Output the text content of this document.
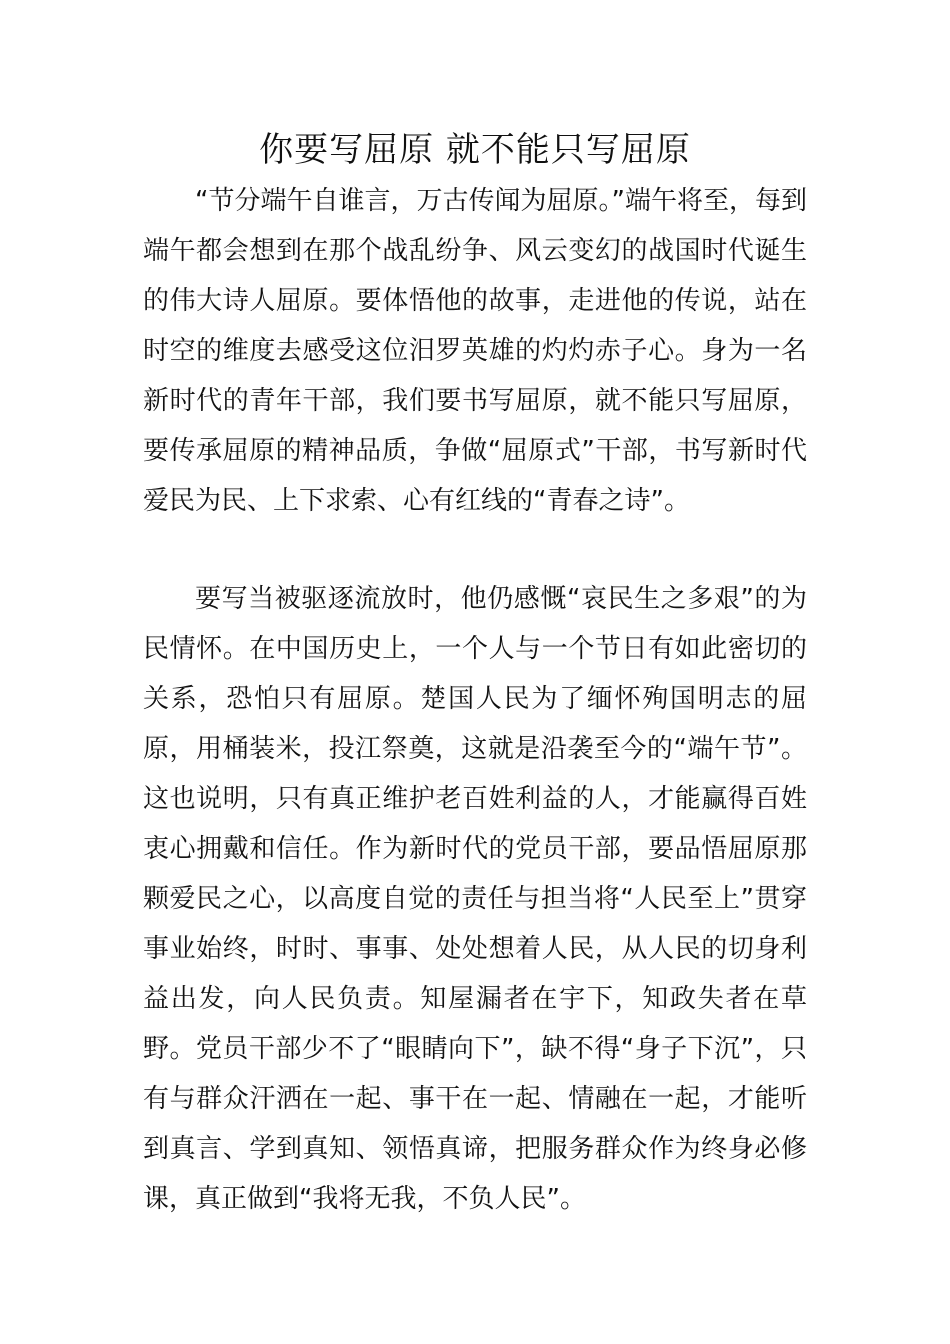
你要写屈原 就不能只写屈原

“节分端午自谁言，万古传闻为屈原。”端午将至，每到端午都会想到在那个战乱纷争、风云变幻的战国时代诞生的伟大诗人屈原。要体悟他的故事，走进他的传说，站在时空的维度去感受这位汨罗英雄的灼灼赤子心。身为一名新时代的青年干部，我们要书写屈原，就不能只写屈原，要传承屈原的精神品质，争做“屈原式”干部，书写新时代爱民为民、上下求索、心有红线的“青春之诗”。

要写当被驱逐流放时，他仍感慨“哀民生之多艰”的为民情怀。在中国历史上，一个人与一个节日有如此密切的关系，恐怕只有屈原。楚国人民为了缅怀殉国明志的屈原，用桶装米，投江祭奠，这就是沿袭至今的“端午节”。这也说明，只有真正维护老百姓利益的人，才能赢得百姓衷心拥戴和信任。作为新时代的党员干部，要品悟屈原那颗爱民之心，以高度自觉的责任与担当将“人民至上”贯穿事业始终，时时、事事、处处想着人民，从人民的切身利益出发，向人民负责。知屋漏者在宇下，知政失者在草野。党员干部少不了“眼睛向下”，缺不得“身子下沉”，只有与群众汗洒在一起、事干在一起、情融在一起，才能听到真言、学到真知、领悟真谛，把服务群众作为终身必修课，真正做到“我将无我，不负人民”。
